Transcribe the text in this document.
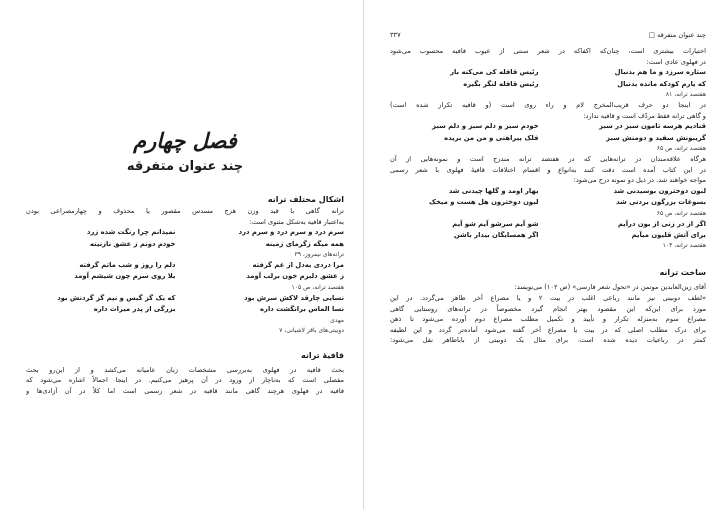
فصل چهارم
چند عنوان متفرقه
اشکال مختلف ترانه
ترانه گاهی با قید وزن هزج مسدس مقصور یا محذوف و چهارمصراعی بودن
به‌اعتبار قافیه به‌شکل مثنوی است:
سرم درد و سرم درد و سرم درد
نمیدانم چرا رنگت شده زرد
همه میگه زگرمای زمینه
خودم دونم ز عشق نازنینه
ترانه‌های نیمروز، ۳۹
مرا دردی به‌دل از غم گرفته
دلم را روز و شب ماتم گرفته
ز عشق دلبرم خون برلب آومد
بلا روی سرم چون شیشم آومد
هفتصد ترانه، ص ۱۰۵
نسایی چارقد لاکش سرش بود
که یک گز گیس و نیم گز گردنش بود
نسا الماس برانگشت داره
بزرگی از پدر میراث داره
مهدی
دوبیتی‌های باقر لاشیانی، ۷
قافیۀ ترانه
بحث قافیه در فهلوی به‌بررسی مشخصات زبان عامیانه می‌کشد و از این‌رو بحث
مفصلی است که به‌ناچار از ورود در آن پرهیز می‌کنیم. در اینجا اجمالاً اشاره می‌شود که
قافیه در فهلوی هرچند گاهی مانند قافیه در شعر رسمی است اما کلاً در آن آزادی‌ها و
چند عنوان متفرقه □
۳۳۷
اختیارات بیشتری است، چنان‌که اکفاکه در شعر سنتی از عیوب قافیه محسوب می‌شود
در فهلوی عادی است:
ستاره سرزد و ما هم بدنبال
رئیس قافله کی می‌کنه بار
که یارم کودکه مانده بدنبال
رئیس قافله لنگر بگیره
هفتصد ترانه، ۸۱
در اینجا دو حرف قریب‌المخرج لام و راء روی است (و قافیه تکرار شده است)
و گاهی ترانه فقط مردّف است و قافیه ندارد:
قنادیم هرسه تامون سبز در سبز
خودم سبز و دلم سبز و دلم سبز
گریبونش سفید و دومنش سبز
فلک پیراهنی و من من بریده
هفتصد ترانه، ص ۶۵
هرگاه علاقه‌مندان در ترانه‌هایی که در هفتصد ترانه مندرج است و نمونه‌هایی از آن
در این کتاب آمده است دقت کنند به‌انواع و اقسام اختلافات قافیۀ فهلوی با شعر رسمی
مواجه خواهند شد. در ذیل دو نمونه درج می‌شود:
لبون دوخترون بوسیدنی شد
بهار اومد و گلها چیدنی شد
بسوغات بزرگون بردنی شد
لبون دوخترون هل هست و میخک
هفتصد ترانه، ص ۶۵
اگر از در زنی از بون درآیم
شو آیم سرشو آیم شو آیم
برای آتش قلیون میآیم
اگر همسایگان بیدار باشن
هفتصد ترانه، ۱۰۴
ساخت ترانه
آقای زین‌العابدین موتمن در «تحول شعر فارسی» (ص ۱۰۲) می‌نویسد:
«لطف دوبیتی نیز مانند رباعی اغلب در بیت ۲ و یا مصراع آخر ظاهر می‌گردد. در این
مورد برای این‌که این مقصود بهتر انجام گیرد مخصوصاً در ترانه‌های روستایی گاهی
مصراع سوم به‌منزله تکرار و تأیید و تکمیل مطلب مصراع دوم آورده می‌شود تا ذهن
برای درک مطلب اصلی که در بیت یا مصراع آخر گفته می‌شود آماده‌تر گردد و این لطیفه
کمتر در رباعیات دیده شده است. برای مثال یک دوبیتی از باباطاهر نقل می‌شود:
